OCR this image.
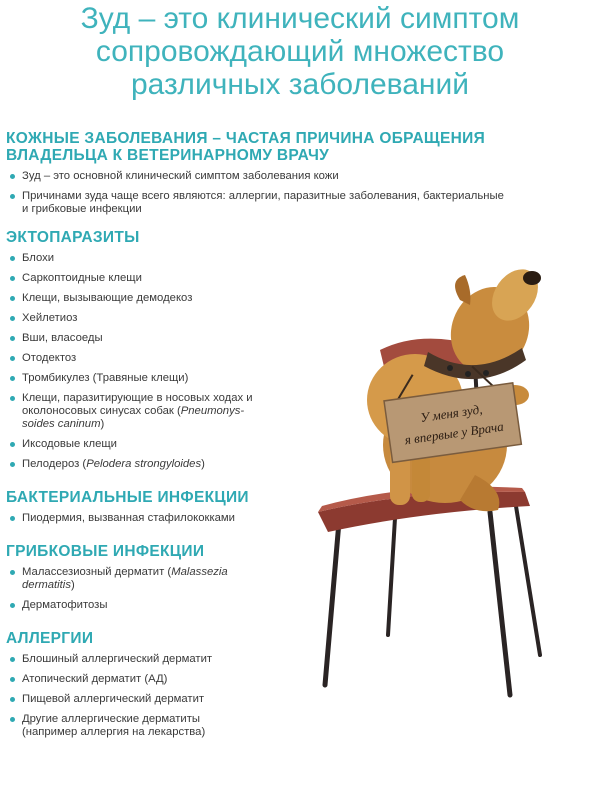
Зуд – это клинический симптом
сопровождающий множество
различных заболеваний
КОЖНЫЕ ЗАБОЛЕВАНИЯ – ЧАСТАЯ ПРИЧИНА ОБРАЩЕНИЯ
ВЛАДЕЛЬЦА К ВЕТЕРИНАРНОМУ ВРАЧУ
Зуд – это основной клинический симптом заболевания кожи
Причинами зуда чаще всего являются: аллергии, паразитные заболевания, бактериальные
и грибковые инфекции
ЭКТОПАРАЗИТЫ
Блохи
Саркоптоидные клещи
Клещи, вызывающие демодекоз
Хейлетиоз
Вши, власоеды
Отодектоз
Тромбикулез (Травяные клещи)
Клещи, паразитирующие в носовых ходах и
околоносовых синусах собак (Pneumonys-
soides caninum)
Иксодовые клещи
Пелодероз (Pelodera strongyloides)
БАКТЕРИАЛЬНЫЕ ИНФЕКЦИИ
Пиодермия, вызванная стафилококками
ГРИБКОВЫЕ ИНФЕКЦИИ
Малассезиозный дерматит (Malassezia
dermatitis)
Дерматофитозы
АЛЛЕРГИИ
Блошиный аллергический дерматит
Атопический дерматит (АД)
Пищевой аллергический дерматит
Другие аллергические дерматиты
(например аллергия на лекарства)
У меня зуд,
я впервые у Врача
